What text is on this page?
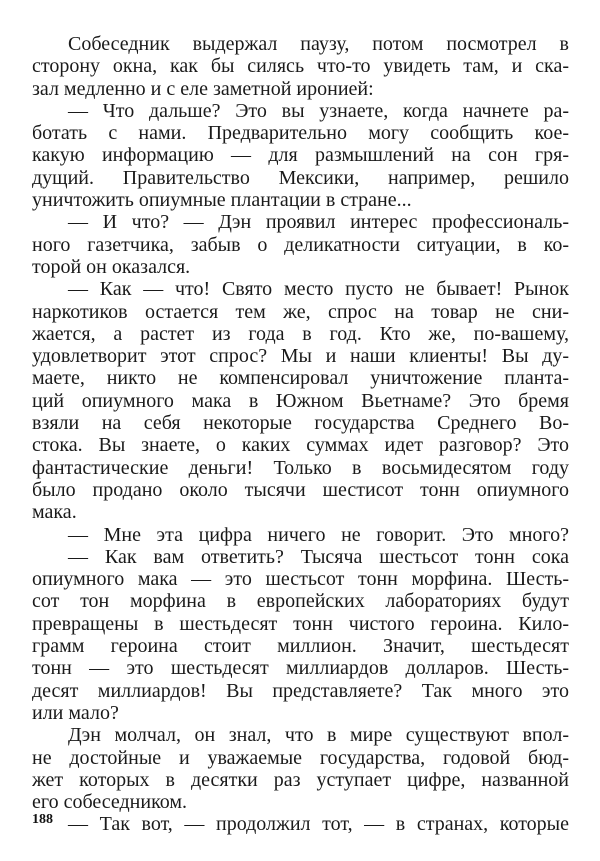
Собеседник выдержал паузу, потом посмотрел в
сторону окна, как бы силясь что-то увидеть там, и ска-
зал медленно и с еле заметной иронией:
— Что дальше? Это вы узнаете, когда начнете ра-
ботать с нами. Предварительно могу сообщить кое-
какую информацию — для размышлений на сон гря-
дущий. Правительство Мексики, например, решило
уничтожить опиумные плантации в стране...
— И что? — Дэн проявил интерес профессиональ-
ного газетчика, забыв о деликатности ситуации, в ко-
торой он оказался.
— Как — что! Свято место пусто не бывает! Рынок
наркотиков остается тем же, спрос на товар не сни-
жается, а растет из года в год. Кто же, по-вашему,
удовлетворит этот спрос? Мы и наши клиенты! Вы ду-
маете, никто не компенсировал уничтожение планта-
ций опиумного мака в Южном Вьетнаме? Это бремя
взяли на себя некоторые государства Среднего Во-
стока. Вы знаете, о каких суммах идет разговор? Это
фантастические деньги! Только в восьмидесятом году
было продано около тысячи шестисот тонн опиумного
мака.
— Мне эта цифра ничего не говорит. Это много?
— Как вам ответить? Тысяча шестьсот тонн сока
опиумного мака — это шестьсот тонн морфина. Шесть-
сот тон морфина в европейских лабораториях будут
превращены в шестьдесят тонн чистого героина. Кило-
грамм героина стоит миллион. Значит, шестьдесят
тонн — это шестьдесят миллиардов долларов. Шесть-
десят миллиардов! Вы представляете? Так много это
или мало?
Дэн молчал, он знал, что в мире существуют впол-
не достойные и уважаемые государства, годовой бюд-
жет которых в десятки раз уступает цифре, названной
его собеседником.
— Так вот, — продолжил тот, — в странах, которые
188
